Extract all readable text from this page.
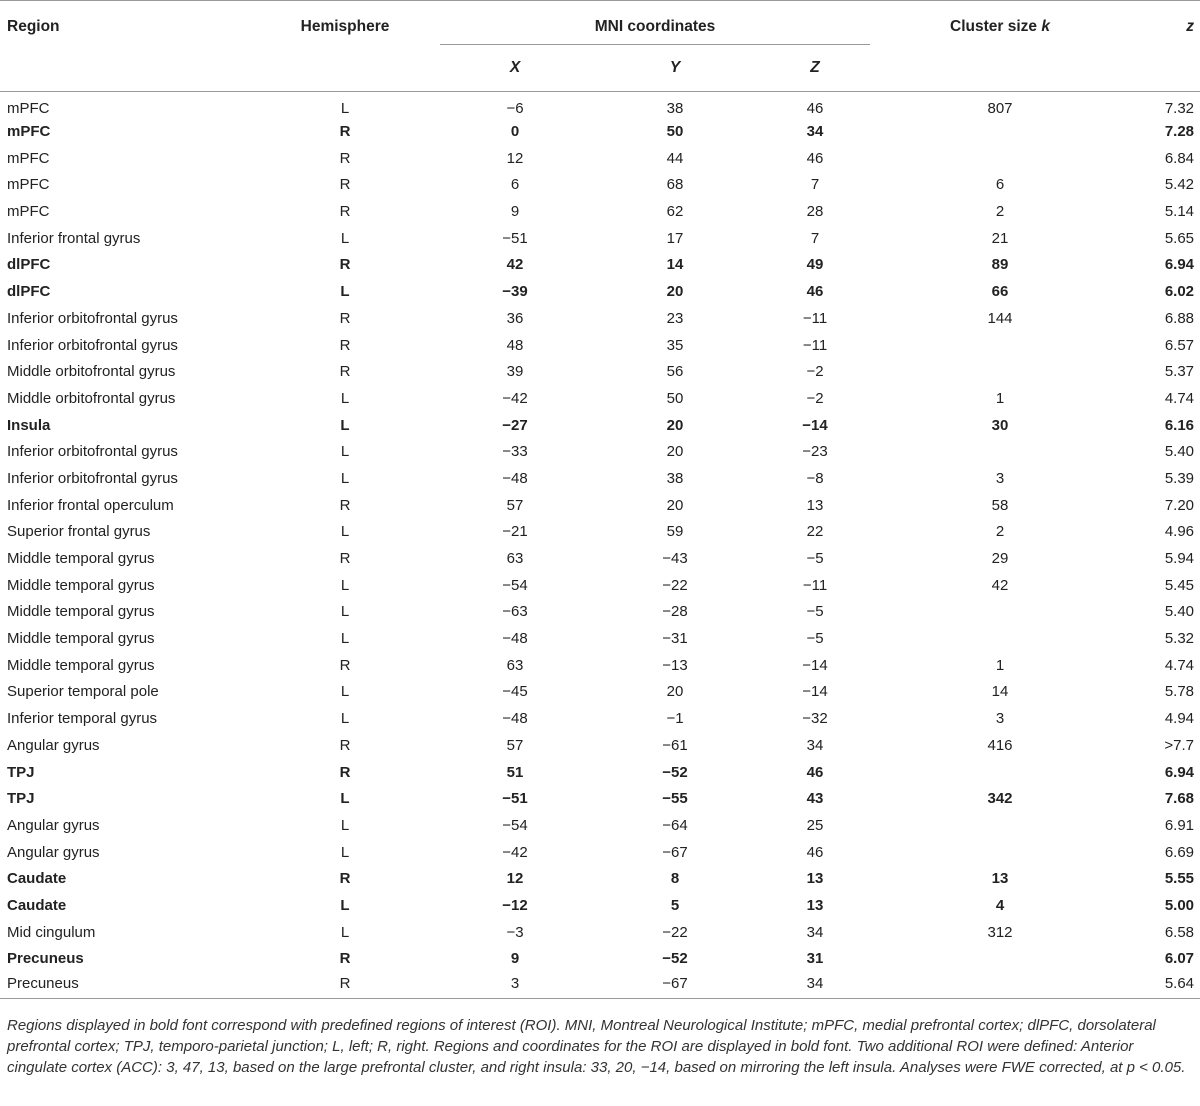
Region	Hemisphere	MNI coordinates			Cluster size k	z
		X	Y	Z		
mPFC	L	−6	38	46	807	7.32
mPFC	R	0	50	34		7.28
mPFC	R	12	44	46		6.84
mPFC	R	6	68	7	6	5.42
mPFC	R	9	62	28	2	5.14
Inferior frontal gyrus	L	−51	17	7	21	5.65
dlPFC	R	42	14	49	89	6.94
dlPFC	L	−39	20	46	66	6.02
Inferior orbitofrontal gyrus	R	36	23	−11	144	6.88
Inferior orbitofrontal gyrus	R	48	35	−11		6.57
Middle orbitofrontal gyrus	R	39	56	−2		5.37
Middle orbitofrontal gyrus	L	−42	50	−2	1	4.74
Insula	L	−27	20	−14	30	6.16
Inferior orbitofrontal gyrus	L	−33	20	−23		5.40
Inferior orbitofrontal gyrus	L	−48	38	−8	3	5.39
Inferior frontal operculum	R	57	20	13	58	7.20
Superior frontal gyrus	L	−21	59	22	2	4.96
Middle temporal gyrus	R	63	−43	−5	29	5.94
Middle temporal gyrus	L	−54	−22	−11	42	5.45
Middle temporal gyrus	L	−63	−28	−5		5.40
Middle temporal gyrus	L	−48	−31	−5		5.32
Middle temporal gyrus	R	63	−13	−14	1	4.74
Superior temporal pole	L	−45	20	−14	14	5.78
Inferior temporal gyrus	L	−48	−1	−32	3	4.94
Angular gyrus	R	57	−61	34	416	>7.7
TPJ	R	51	−52	46		6.94
TPJ	L	−51	−55	43	342	7.68
Angular gyrus	L	−54	−64	25		6.91
Angular gyrus	L	−42	−67	46		6.69
Caudate	R	12	8	13	13	5.55
Caudate	L	−12	5	13	4	5.00
Mid cingulum	L	−3	−22	34	312	6.58
Precuneus	R	9	−52	31		6.07
Precuneus	R	3	−67	34		5.64
Regions displayed in bold font correspond with predefined regions of interest (ROI). MNI, Montreal Neurological Institute; mPFC, medial prefrontal cortex; dlPFC, dorsolateral prefrontal cortex; TPJ, temporo-parietal junction; L, left; R, right. Regions and coordinates for the ROI are displayed in bold font. Two additional ROI were defined: Anterior cingulate cortex (ACC): 3, 47, 13, based on the large prefrontal cluster, and right insula: 33, 20, −14, based on mirroring the left insula. Analyses were FWE corrected, at p < 0.05.
